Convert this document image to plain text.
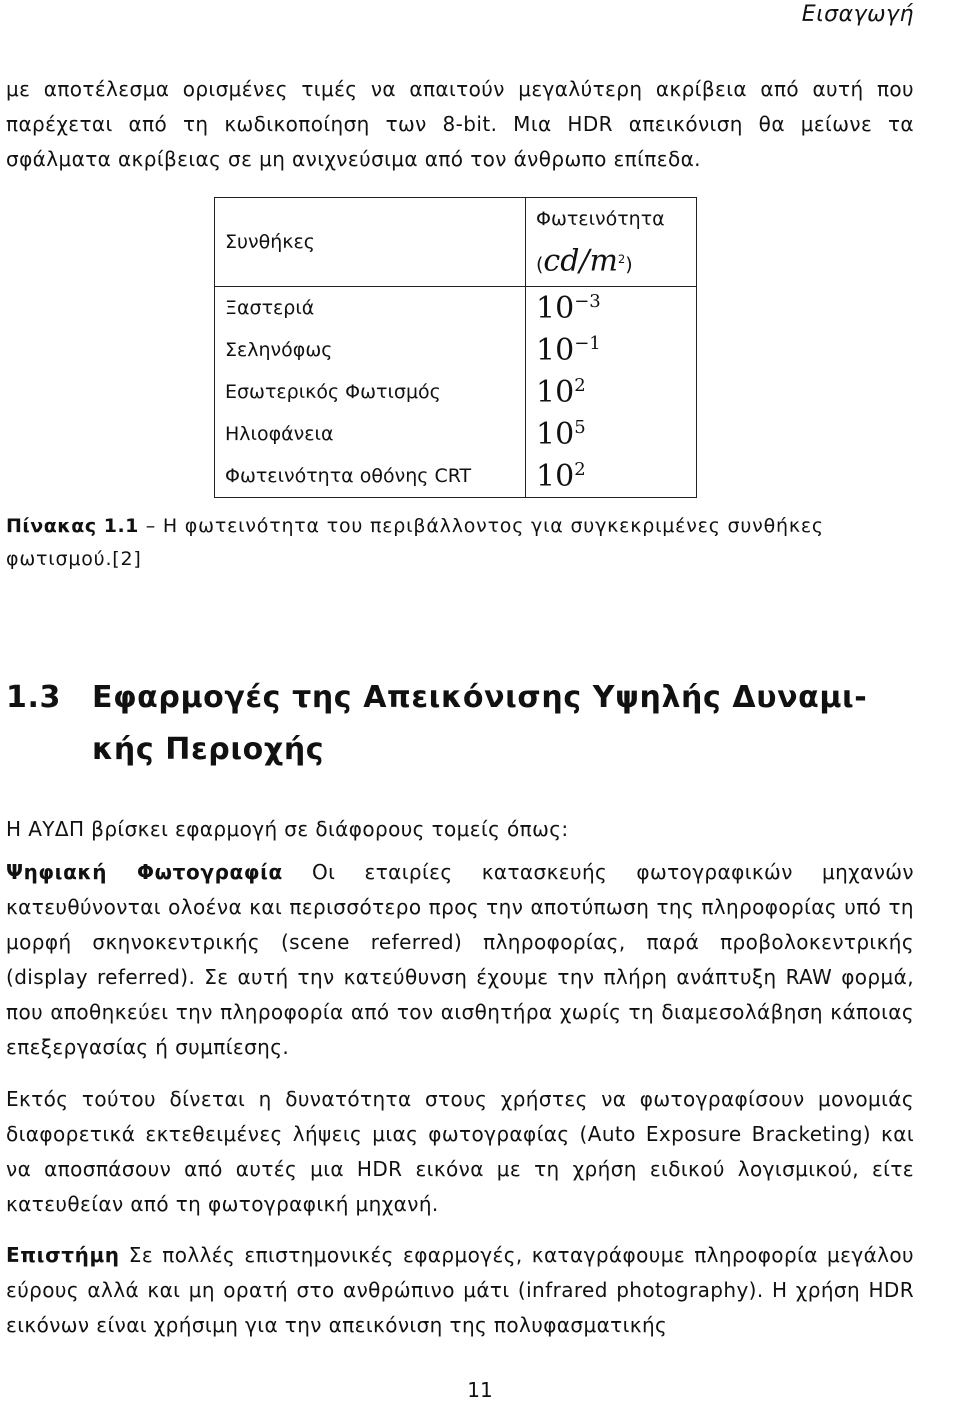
Εισαγωγή
με αποτέλεσμα ορισμένες τιμές να απαιτούν μεγαλύτερη ακρίβεια από αυτή που παρέχεται από τη κωδικοποίηση των 8-bit. Μια HDR απεικόνιση θα μείωνε τα σφάλματα ακρίβειας σε μη ανιχνεύσιμα από τον άνθρωπο επίπεδα.
Συνθήκες	Φωτεινότητα
$(cd/m^2)$

Ξαστεριά	$10^{-3}$
Σεληνόφως	$10^{-1}$
Εσωτερικός Φωτισμός	$10^2$
Ηλιοφάνεια	$10^5$
Φωτεινότητα οθόνης CRT	$10^2$
Πίνακας 1.1 – Η φωτεινότητα του περιβάλλοντος για συγκεκριμένες συνθήκες φωτισμού.[2]
1.3 Εφαρμογές της Απεικόνισης Υψηλής Δυναμι-
κής Περιοχής
Η ΑΥΔΠ βρίσκει εφαρμογή σε διάφορους τομείς όπως:
Ψηφιακή Φωτογραφία Οι εταιρίες κατασκευής φωτογραφικών μηχανών κατευθύνονται ολοένα και περισσότερο προς την αποτύπωση της πληροφορίας υπό τη μορφή σκηνοκεντρικής (scene referred) πληροφορίας, παρά προβολοκεντρικής (display referred). Σε αυτή την κατεύθυνση έχουμε την πλήρη ανάπτυξη RAW φορμά, που αποθηκεύει την πληροφορία από τον αισθητήρα χωρίς τη διαμεσολάβηση κάποιας επεξεργασίας ή συμπίεσης.
Εκτός τούτου δίνεται η δυνατότητα στους χρήστες να φωτογραφίσουν μονομιάς διαφορετικά εκτεθειμένες λήψεις μιας φωτογραφίας (Auto Exposure Bracketing) και να αποσπάσουν από αυτές μια HDR εικόνα με τη χρήση ειδικού λογισμικού, είτε κατευθείαν από τη φωτογραφική μηχανή.
Επιστήμη Σε πολλές επιστημονικές εφαρμογές, καταγράφουμε πληροφορία μεγάλου εύρους αλλά και μη ορατή στο ανθρώπινο μάτι (infrared photography). Η χρήση HDR εικόνων είναι χρήσιμη για την απεικόνιση της πολυφασματικής
11
